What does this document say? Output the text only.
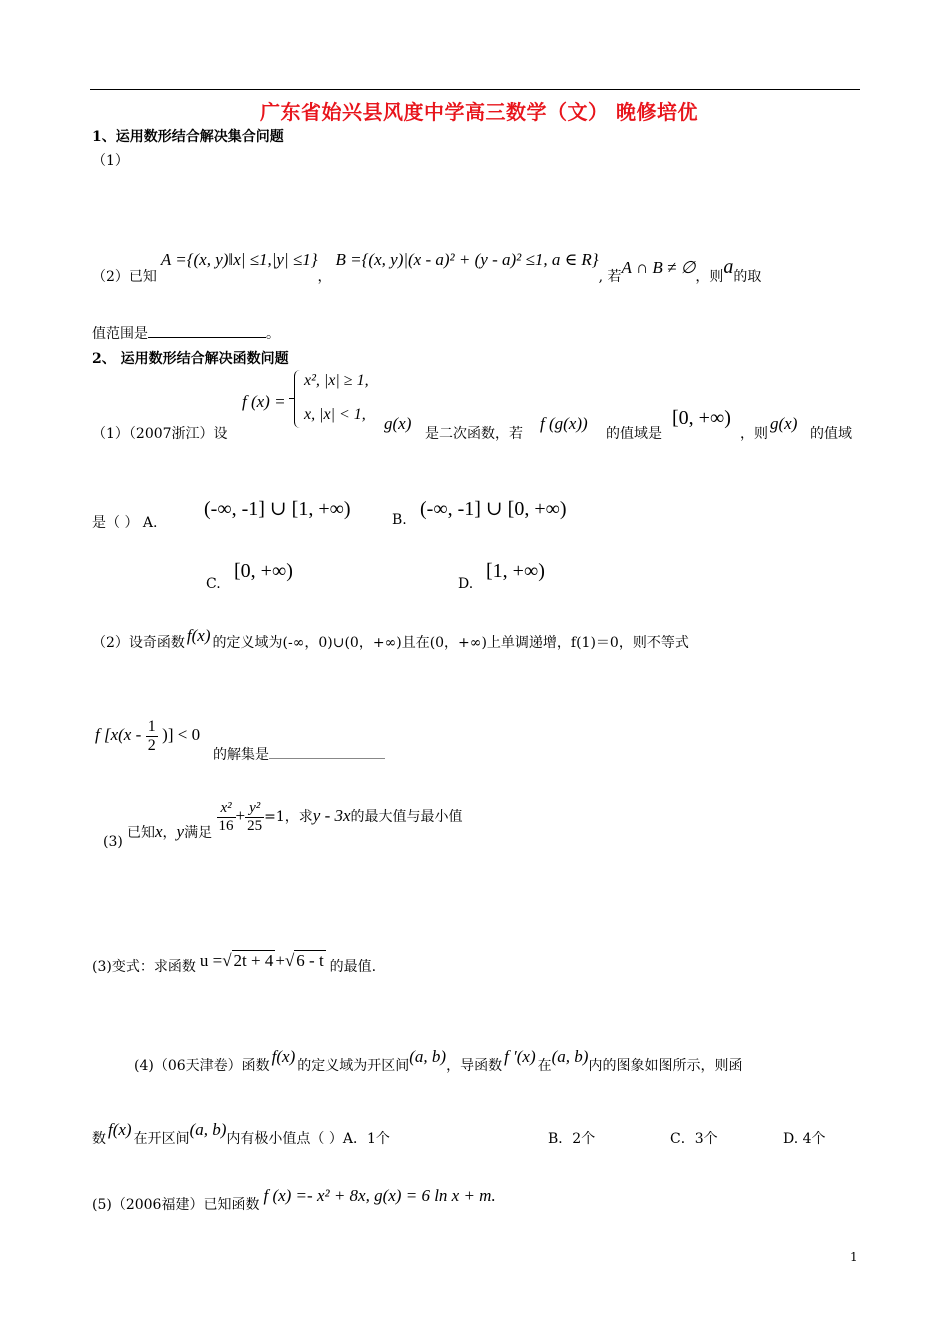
广东省始兴县风度中学高三数学（文） 晚修培优
1、运用数形结合解决集合问题
（1）
（2）已知A ={(x, y)‖x| ≤1,|y| ≤1}，B ={(x, y)|(x - a)² + (y - a)² ≤1, a ∈ R}, 若A ∩ B ≠ ∅，则a的取
值范围是	。
2、 运用数形结合解决函数问题
f (x) =
x², |x| ≥ 1,
x, |x| < 1,
（1）（2007浙江）设
g(x)
是二次函数，若
f (g(x))
的值域是
[0, +∞)
，则
g(x)
的值域
是（ ） A.
(-∞, -1] ∪ [1, +∞)	B. (-∞, -1] ∪ [0, +∞)
C.
[0, +∞)
D.
[1, +∞)
（2）设奇函数 f(x) 的定义域为(-∞，0)∪(0，+∞)且在(0，+∞)上单调递增，f(1)＝0，则不等式
f [$x(x - \frac{1}{2}$ )] < 0
的解集是
(3)
已知x，y满足 $\frac{\text{x²}}{16} + \frac{\text{y²}}{25} =1$，求y - 3x的最大值与最小值
(3)变式：求函数 u =√ 2t + 4 +√ 6 - t 的最值.
(4)（06天津卷）函数 f(x) 的定义域为开区间(a, b)，导函数 f ′(x) 在(a, b)内的图象如图所示，则函
数 f(x) 在开区间(a, b)内有极小值点（ ）A．1个	B．2个	C．3个	D. 4个
(5)（2006福建）已知函数 f (x) =- x² + 8x, g(x) = 6 ln x + m.
1
